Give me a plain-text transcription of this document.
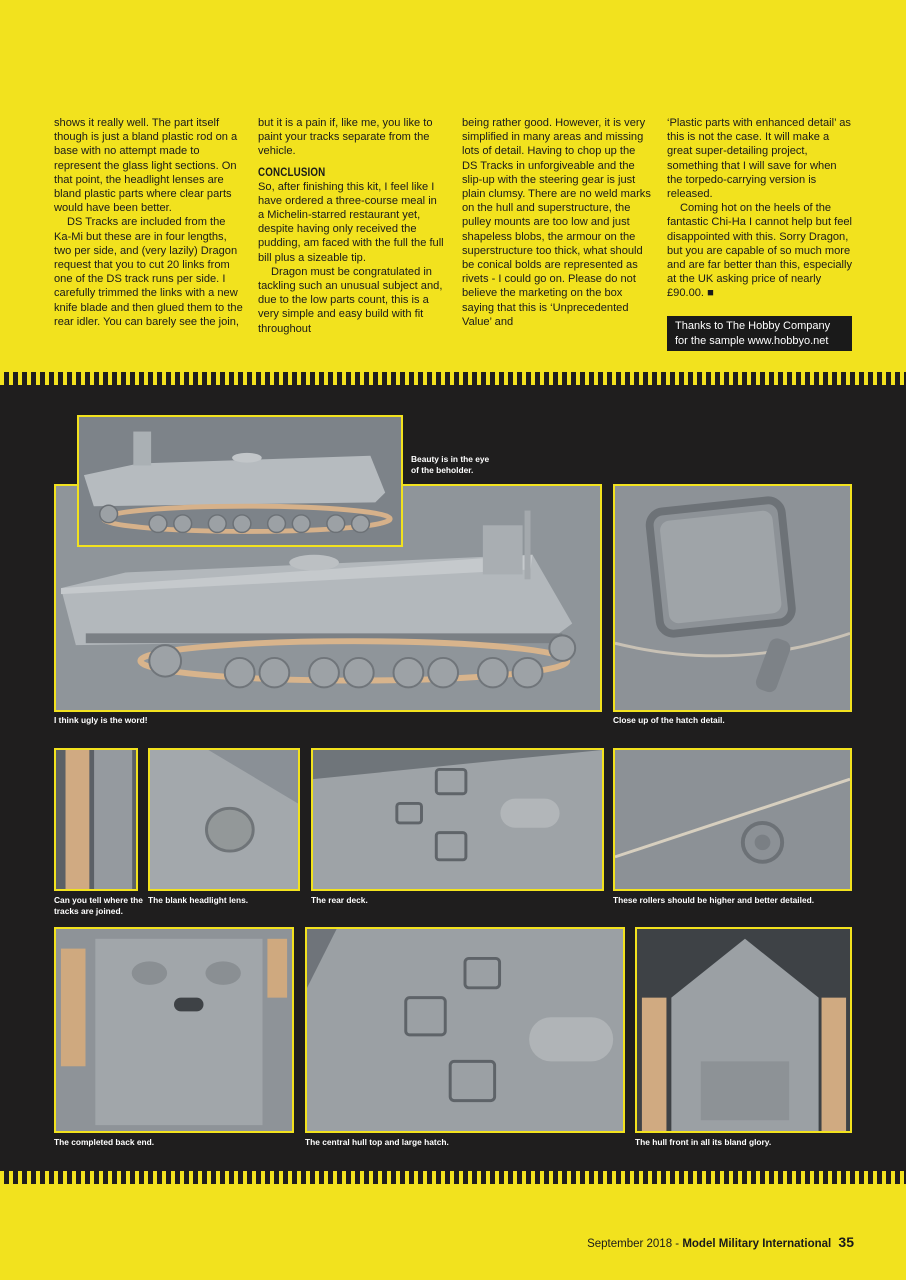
shows it really well. The part itself though is just a bland plastic rod on a base with no attempt made to represent the glass light sections. On that point, the headlight lenses are bland plastic parts where clear parts would have been better.

DS Tracks are included from the Ka-Mi but these are in four lengths, two per side, and (very lazily) Dragon request that you to cut 20 links from one of the DS track runs per side. I carefully trimmed the links with a new knife blade and then glued them to the rear idler. You can barely see the join,

but it is a pain if, like me, you like to paint your tracks separate from the vehicle.

CONCLUSION

So, after finishing this kit, I feel like I have ordered a three-course meal in a Michelin-starred restaurant yet, despite having only received the pudding, am faced with the full the full bill plus a sizeable tip.

Dragon must be congratulated in tackling such an unusual subject and, due to the low parts count, this is a very simple and easy build with fit throughout

being rather good. However, it is very simplified in many areas and missing lots of detail. Having to chop up the DS Tracks in unforgiveable and the slip-up with the steering gear is just plain clumsy. There are no weld marks on the hull and superstructure, the pulley mounts are too low and just shapeless blobs, the armour on the superstructure too thick, what should be conical bolds are represented as rivets - I could go on. Please do not believe the marketing on the box saying that this is ‘Unprecedented Value’ and

‘Plastic parts with enhanced detail’ as this is not the case. It will make a great super-detailing project, something that I will save for when the torpedo-carrying version is released.

Coming hot on the heels of the fantastic Chi-Ha I cannot help but feel disappointed with this. Sorry Dragon, but you are capable of so much more and are far better than this, especially at the UK asking price of nearly £90.00. ■

Thanks to The Hobby Company for the sample www.hobbyo.net
Beauty is in the eye of the beholder.
I think ugly is the word!	Close up of the hatch detail.
Can you tell where the tracks are joined.
The blank headlight lens.	The rear deck.	These rollers should be higher and better detailed.
The completed back end.	The central hull top and large hatch.	The hull front in all its bland glory.
September 2018 - Model Military International 35
